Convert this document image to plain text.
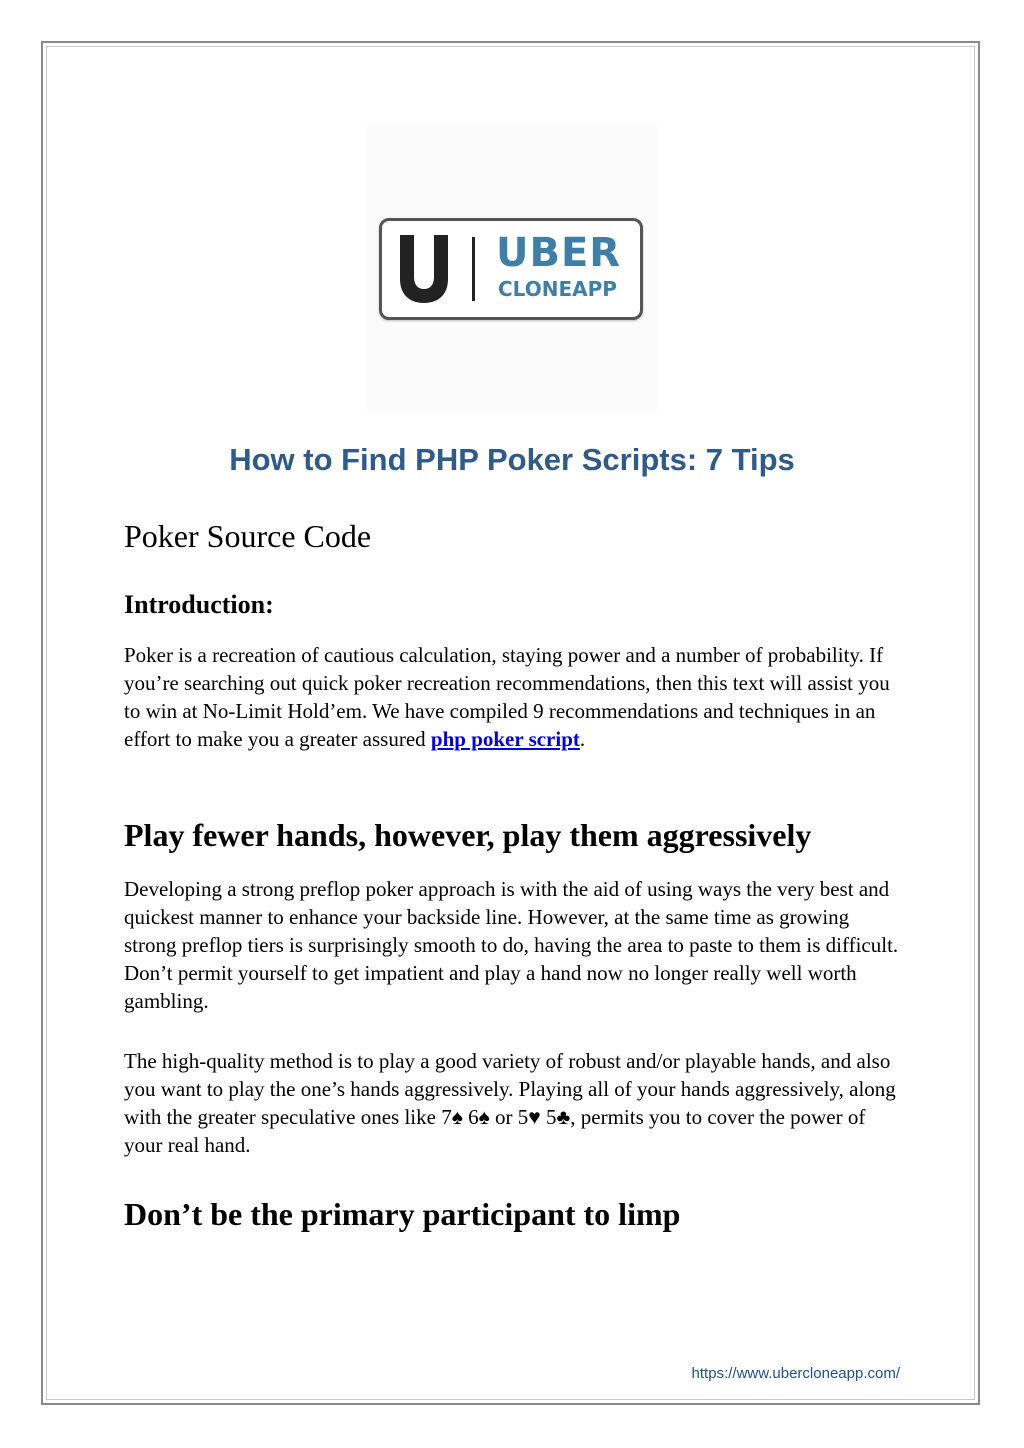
UBER
CLONEAPP
How to Find PHP Poker Scripts: 7 Tips
Poker Source Code
Introduction:

Poker is a recreation of cautious calculation, staying power and a number of probability. If you’re searching out quick poker recreation recommendations, then this text will assist you to win at No-Limit Hold’em. We have compiled 9 recommendations and techniques in an effort to make you a greater assured php poker script.

Play fewer hands, however, play them aggressively

Developing a strong preflop poker approach is with the aid of using ways the very best and quickest manner to enhance your backside line. However, at the same time as growing strong preflop tiers is surprisingly smooth to do, having the area to paste to them is difficult. Don’t permit yourself to get impatient and play a hand now no longer really well worth gambling.

The high-quality method is to play a good variety of robust and/or playable hands, and also you want to play the one’s hands aggressively. Playing all of your hands aggressively, along with the greater speculative ones like 7♠ 6♠ or 5♥ 5♣, permits you to cover the power of your real hand.

Don’t be the primary participant to limp
https://www.ubercloneapp.com/
